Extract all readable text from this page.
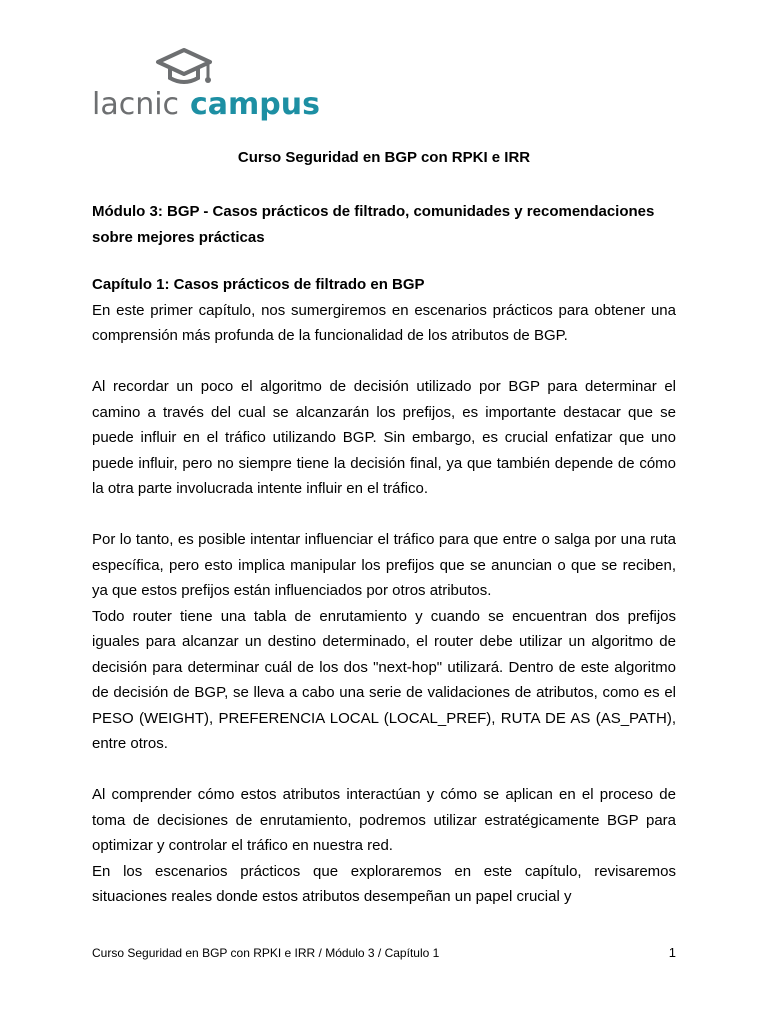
lacnic campus
Curso Seguridad en BGP con RPKI e IRR
Módulo 3: BGP - Casos prácticos de filtrado, comunidades y recomendaciones sobre mejores prácticas
Capítulo 1: Casos prácticos de filtrado en BGP

En este primer capítulo, nos sumergiremos en escenarios prácticos para obtener una comprensión más profunda de la funcionalidad de los atributos de BGP.

Al recordar un poco el algoritmo de decisión utilizado por BGP para determinar el camino a través del cual se alcanzarán los prefijos, es importante destacar que se puede influir en el tráfico utilizando BGP. Sin embargo, es crucial enfatizar que uno puede influir, pero no siempre tiene la decisión final, ya que también depende de cómo la otra parte involucrada intente influir en el tráfico.

Por lo tanto, es posible intentar influenciar el tráfico para que entre o salga por una ruta específica, pero esto implica manipular los prefijos que se anuncian o que se reciben, ya que estos prefijos están influenciados por otros atributos.

Todo router tiene una tabla de enrutamiento y cuando se encuentran dos prefijos iguales para alcanzar un destino determinado, el router debe utilizar un algoritmo de decisión para determinar cuál de los dos "next-hop" utilizará. Dentro de este algoritmo de decisión de BGP, se lleva a cabo una serie de validaciones de atributos, como es el PESO (WEIGHT), PREFERENCIA LOCAL (LOCAL_PREF), RUTA DE AS (AS_PATH), entre otros.

Al comprender cómo estos atributos interactúan y cómo se aplican en el proceso de toma de decisiones de enrutamiento, podremos utilizar estratégicamente BGP para optimizar y controlar el tráfico en nuestra red.

En los escenarios prácticos que exploraremos en este capítulo, revisaremos situaciones reales donde estos atributos desempeñan un papel crucial y

Curso Seguridad en BGP con RPKI e IRR / Módulo 3 / Capítulo 1	1
